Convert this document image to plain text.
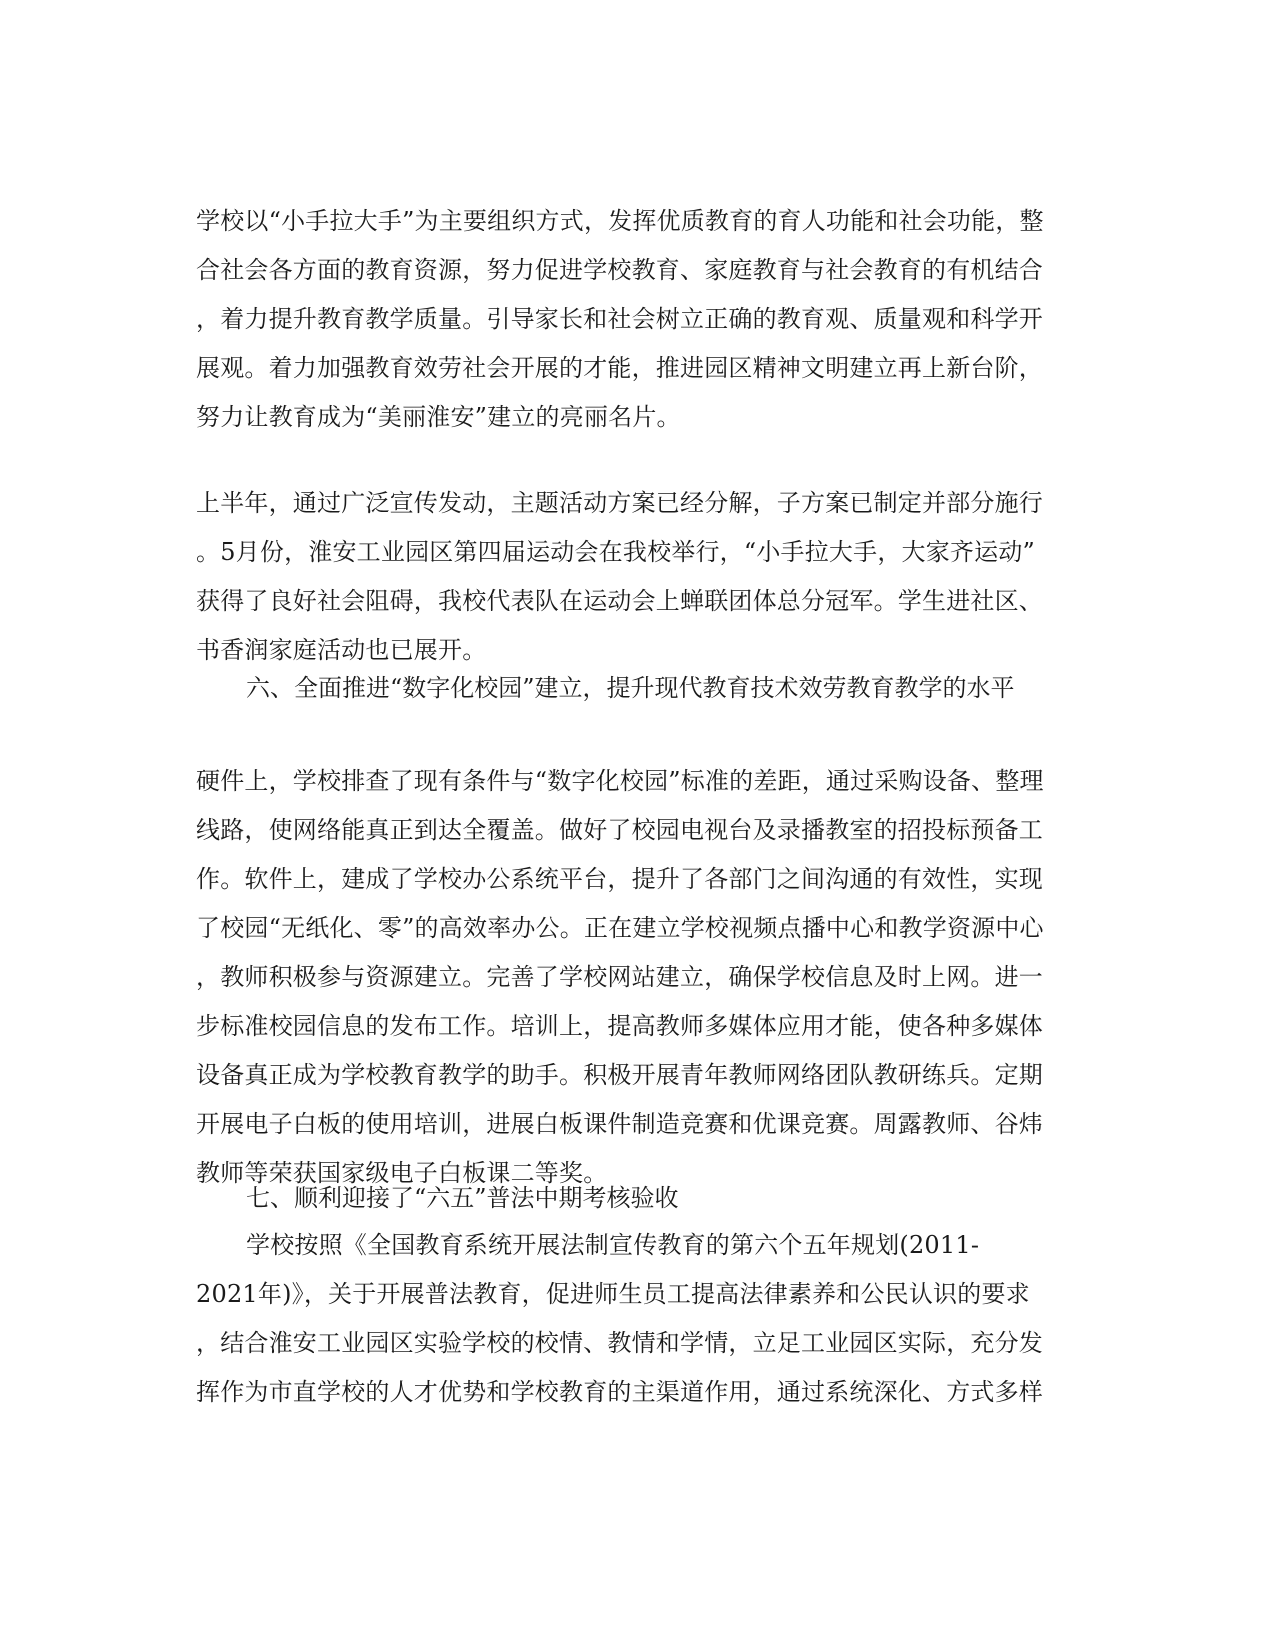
学校以“小手拉大手”为主要组织方式，发挥优质教育的育人功能和社会功能，整
合社会各方面的教育资源，努力促进学校教育、家庭教育与社会教育的有机结合
，着力提升教育教学质量。引导家长和社会树立正确的教育观、质量观和科学开
展观。着力加强教育效劳社会开展的才能，推进园区精神文明建立再上新台阶，
努力让教育成为“美丽淮安”建立的亮丽名片。
上半年，通过广泛宣传发动，主题活动方案已经分解，子方案已制定并部分施行
。5月份，淮安工业园区第四届运动会在我校举行，“小手拉大手，大家齐运动”
获得了良好社会阻碍，我校代表队在运动会上蝉联团体总分冠军。学生进社区、
书香润家庭活动也已展开。
六、全面推进“数字化校园”建立，提升现代教育技术效劳教育教学的水平
硬件上，学校排查了现有条件与“数字化校园”标准的差距，通过采购设备、整理
线路，使网络能真正到达全覆盖。做好了校园电视台及录播教室的招投标预备工
作。软件上，建成了学校办公系统平台，提升了各部门之间沟通的有效性，实现
了校园“无纸化、零”的高效率办公。正在建立学校视频点播中心和教学资源中心
，教师积极参与资源建立。完善了学校网站建立，确保学校信息及时上网。进一
步标准校园信息的发布工作。培训上，提高教师多媒体应用才能，使各种多媒体
设备真正成为学校教育教学的助手。积极开展青年教师网络团队教研练兵。定期
开展电子白板的使用培训，进展白板课件制造竞赛和优课竞赛。周露教师、谷炜
教师等荣获国家级电子白板课二等奖。
七、顺利迎接了“六五”普法中期考核验收
学校按照《全国教育系统开展法制宣传教育的第六个五年规划(2011-
2021年)》，关于开展普法教育，促进师生员工提高法律素养和公民认识的要求
，结合淮安工业园区实验学校的校情、教情和学情，立足工业园区实际，充分发
挥作为市直学校的人才优势和学校教育的主渠道作用，通过系统深化、方式多样
